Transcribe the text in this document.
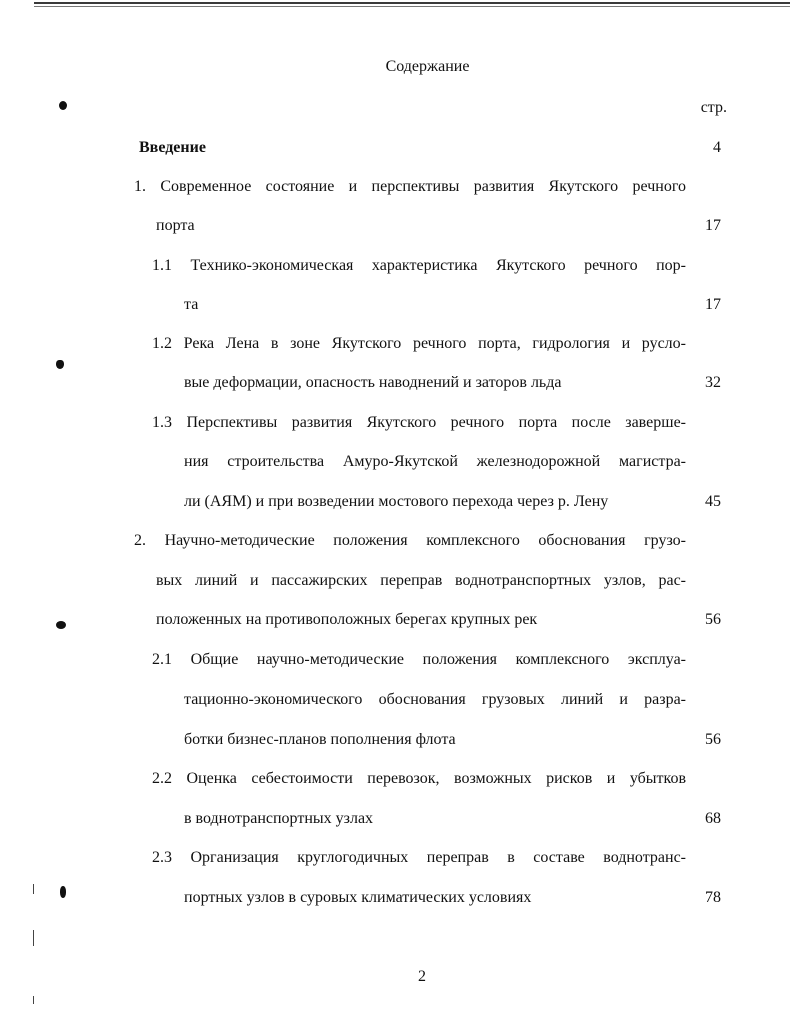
Содержание
стр.
Введение	4
1. Современное состояние и перспективы развития Якутского речного
порта	17
1.1 Технико-экономическая характеристика Якутского речного пор-
та	17
1.2 Река Лена в зоне Якутского речного порта, гидрология и русло-
вые деформации, опасность наводнений и заторов льда	32
1.3 Перспективы развития Якутского речного порта после заверше-
ния строительства Амуро-Якутской железнодорожной магистра-
ли (АЯМ) и при возведении мостового перехода через р. Лену	45
2. Научно-методические положения комплексного обоснования грузо-
вых линий и пассажирских переправ воднотранспортных узлов, рас-
положенных на противоположных берегах крупных рек	56
2.1 Общие научно-методические положения комплексного эксплуа-
тационно-экономического обоснования грузовых линий и разра-
ботки бизнес-планов пополнения флота	56
2.2 Оценка себестоимости перевозок, возможных рисков и убытков
в воднотранспортных узлах	68
2.3 Организация круглогодичных переправ в составе воднотранс-
портных узлов в суровых климатических условиях	78
2
